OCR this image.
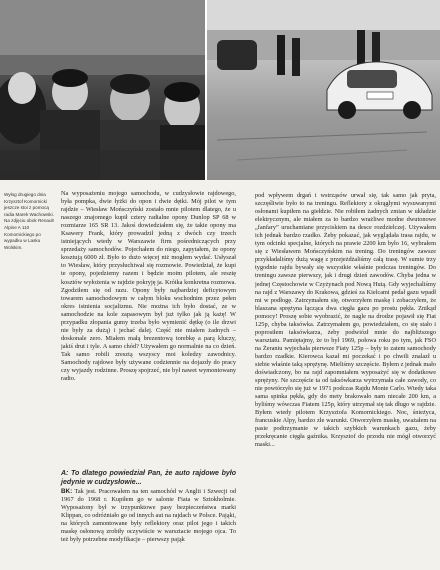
Wyłog drugiego dnia Krzysztof Komornicki jeszcze stoi z pomocą radia Marek Wachowski. Na zdjęciu obok Renault Alpine A 110 Komornickiego po wypadku w Lasku Wolskim.

Na wyposażeniu mojego samochodu, w cudzysłowie rajdowego, była pompka, dwie łyżki do opon i dwie dętki. Mój pilot w tym rajdzie – Wiesław Mońsczyński zostało mnie pilotem dlatego, że u naszego znajomego kupił cztery radialne opony Dunlop SP 68 w rozmiarze 165 SR 13. Jakoś dowiedziałem się, że takie opony ma Ksawery Frank, który prowadził jedną z dwóch czy trzech istniejących wtedy w Warszawie firm pośredniczących przy sprzedaży samochodów. Pojechałem do niego, zapytałem, że opony kosztują 6000 zł. Było to dużo więcej niż mogłem wydać. Usłyszał to Wiesław, który przysłuchiwał się rozmowie. Powiedział, że kupi te opony, pojedziemy razem i będzie moim pilotem, ale resztę kosztów wyłożenia w rajdzie pokryję ja. Krótka konkretna rozmowa. Zgodziłem się od razu. Opony były najbardziej deficytowym towarem samochodowym w całym bloku wschodnim przez pełen okres istnienia socjalizmu. Nie można ich było dostać, ze w samochodzie na kole zapasowym był już tylko jak ją każę! W przypadku złopania gumy trzeba było wymienić dętkę (o ile drzwi nie były za dużą) i jechać dalej. Część nie miałem żadnych – doskonale zero. Miałem małą brezentową torebkę a parą kluczy, jakiś drut i tyle. A samo chód? Używałem go normalnie na co dzień. Tak samo robili zresztą wszyscy moi koledzy zawodnicy. Samochody rajdowe były używane codziennie na dojazdy do pracy czy wyjazdy rodzinne. Proszę spojrzeć, nie był nawet wymontowany radio.

A: To dlatego powiedział Pan, że auto rajdowe było jedynie w cudzysłowie...
BK: Tak jest. Pracowałem na ten samochód w Anglii i Szwecji od 1967 do 1968 r. Kupiłem go w salonie Fiata w Sztokholmie. Wyposażony był w trzypunktowe pasy bezpieczeństwa marki Klippan, co odróżniało go od innych aut na rajdach w Polsce. Pająki, na których zamontowane były reflektory oraz pilot jego i takich maskę osłonową zrobiły oczywiście w warsztacie mojego ojca. To też były potrzebne modyfikacje – pierwszy pająk

pod wpływem drgań i wstrząsów urwał się, tak samo jak pryta, szczęśliwie było to na treningu. Reflektory z okrągłymi wysuwanymi osłonami kupiłem na giełdzie. Nie robiłem żadnych zmian w układzie elektrycznym, ale miałem za to bardzo wrażliwe modne dwutonowe „fanfary” uruchamiane przyciskiem na desce rozdzielczej. Używałem ich jednak bardzo rzadko. Żeby pokazać, jak wyglądała trasa rajdu, w tym odcinki specjalne, których na prawie 2200 km było 16, wybrałem się z Wiesławem Mońsczyńskim na trening. Do treningów zawsze przykładaliśmy dużą wagę z przejeżdżaliśmy całą trasę. W sumie trzy tygodnie rajdu bywały się wszystkie właśnie podczas treningów. Do treningu zawsze pierwszy, jak i drugi dzień zawodów. Chyba jedna w jednej Częstochowie w Czyżynach pod Nową Hutą. Gdy wyjechaliśmy na rajd z Warszawy do Krakowa, gdzieś za Kielcami pedał gazu wpadł mi w podłogę. Zatrzymałem się, otworzyłem maskę i zobaczyłem, że blaszana sprężyna łącząca dwa cięgła gazu po prostu pękła. Znikąd pomocy! Proszę sobie wyobrazić, że nagle na drodze pojawił się Fiat 125p, chyba taksówka. Zatrzymałem go, powiedziałem, co się stało i poprosiłem taksówkarza, żeby podwiózł mnie do najbliższego warsztatu. Pamiętajmy, że to był 1969, połowa roku po tym, jak FSO na Żeraniu wyjechała pierwsze Fiaty 125p – były to zatem samochody bardzo rzadkie. Kierowca kazał mi poczekać i po chwili znalazł u siebie właśnie taką sprężynę. Mieliśmy szczęście. Byłem z jednak mało doświadczony, bo na rajd zapomniałem wyposażyć się w dodatkowe sprężyny. Ne szczęście ta od taksówkarza wytrzymała całe zawody, co nie powtórzyło się już w 1971 podczas Rajdu Monte Carlo. Wtedy taka sama spinka pękła, gdy do mety brakowało nam niecałe 200 km, a byliśmy wówczas Fiatem 125p, który utrzymał się tak długo w rajdzie. Byłem wtedy pilotem Krzysztofa Komornickiego. Noc, śnieżyca, francuskie Alpy, bardzo złe warunki. Otworzyłem maskę, uważałem na pasie podtrzymanie w takich szybkich warunkach gazu, żeby przekręcanie cięgła gaźnika. Krzysztof do przodu nie mógł otworzyć maski...
